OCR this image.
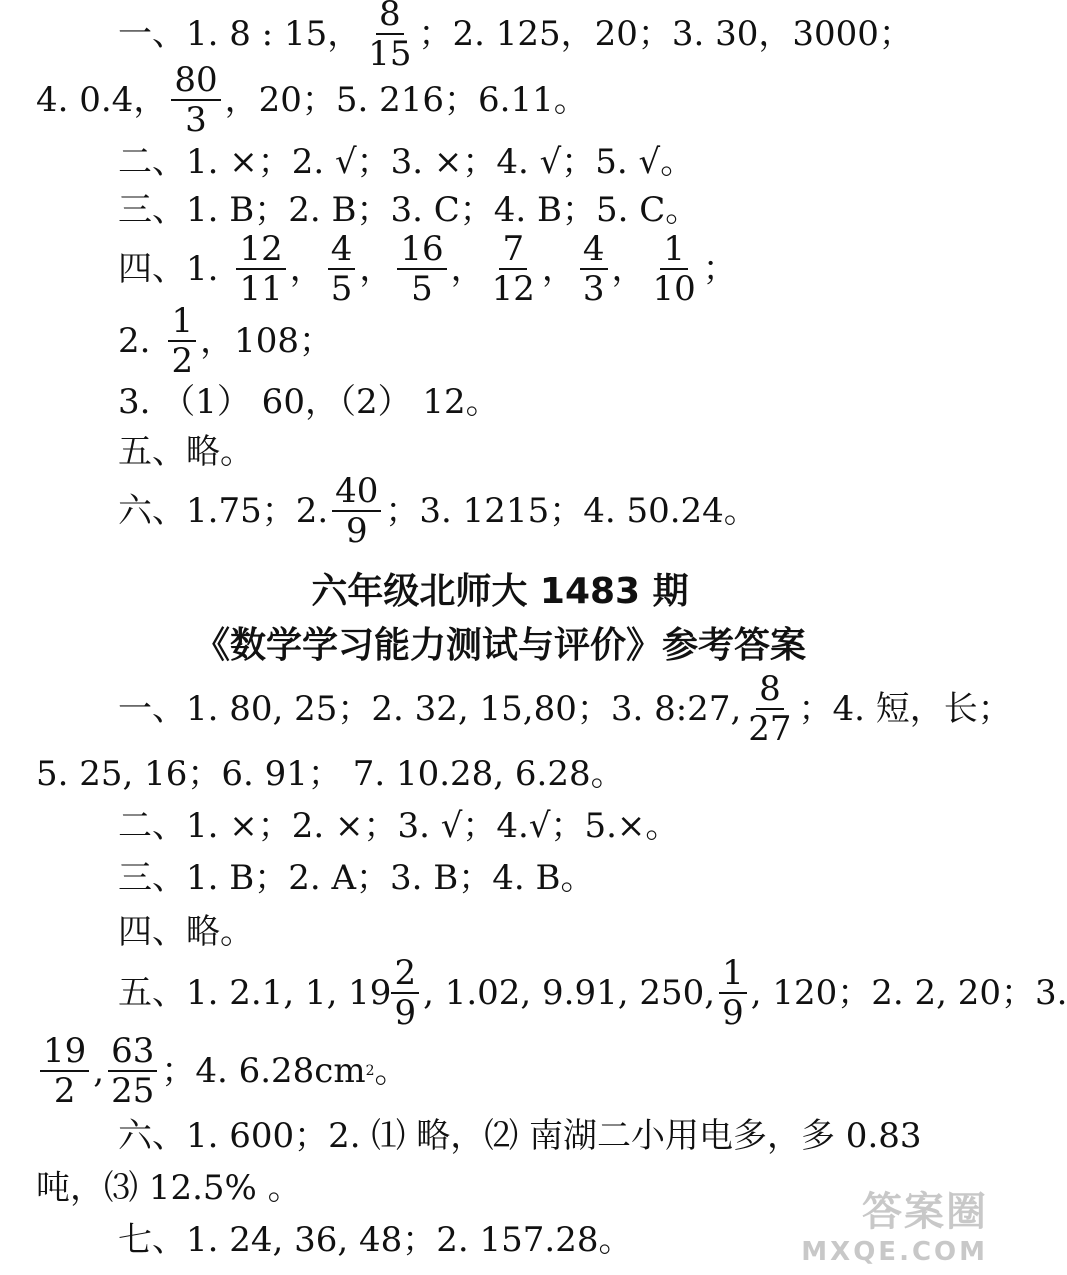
一、1. 8 : 15， $\frac{8}{15}$ ；2. 125，20；3. 30，3000；
4. 0.4， $\frac{80}{3}$ ，20；5. 216；6.11。
二、1. ×；2. √；3. ×；4. √；5. √。
三、1. B；2. B；3. C；4. B；5. C。
四、1. $\frac{12}{11}$ ， $\frac{4}{5}$ ， $\frac{16}{5}$ ， $\frac{7}{12}$ ， $\frac{4}{3}$ ， $\frac{1}{10}$ ；
2. $\frac{1}{2}$ ，108；
3. （1） 60，（2） 12。
五、略。
六、1.75；2. $\frac{40}{9}$ ；3. 1215；4. 50.24。
六年级北师大 1483 期
《数学学习能力测试与评价》参考答案
一、1. 80, 25；2. 32, 15,80；3. 8:27, $\frac{8}{27}$ ；4. 短，长；
5. 25, 16；6. 91； 7. 10.28, 6.28。
二、1. ×；2. ×；3. √；4.√；5.×。
三、1. B；2. A；3. B；4. B。
四、略。
五、1. 2.1, 1, $19 \frac{2}{9}$ , 1.02, 9.91, 250, $\frac{1}{9}$ , 120；2. 2, 20；3.
$\frac{19}{2}$ , $\frac{63}{25}$ ；4. 6.28cm 2 。
六、1. 600；2. ⑴ 略，⑵ 南湖二小用电多，多 0.83
吨，⑶ 12.5% 。
七、1. 24, 36, 48；2. 157.28。
答案圈
MXQE.COM
